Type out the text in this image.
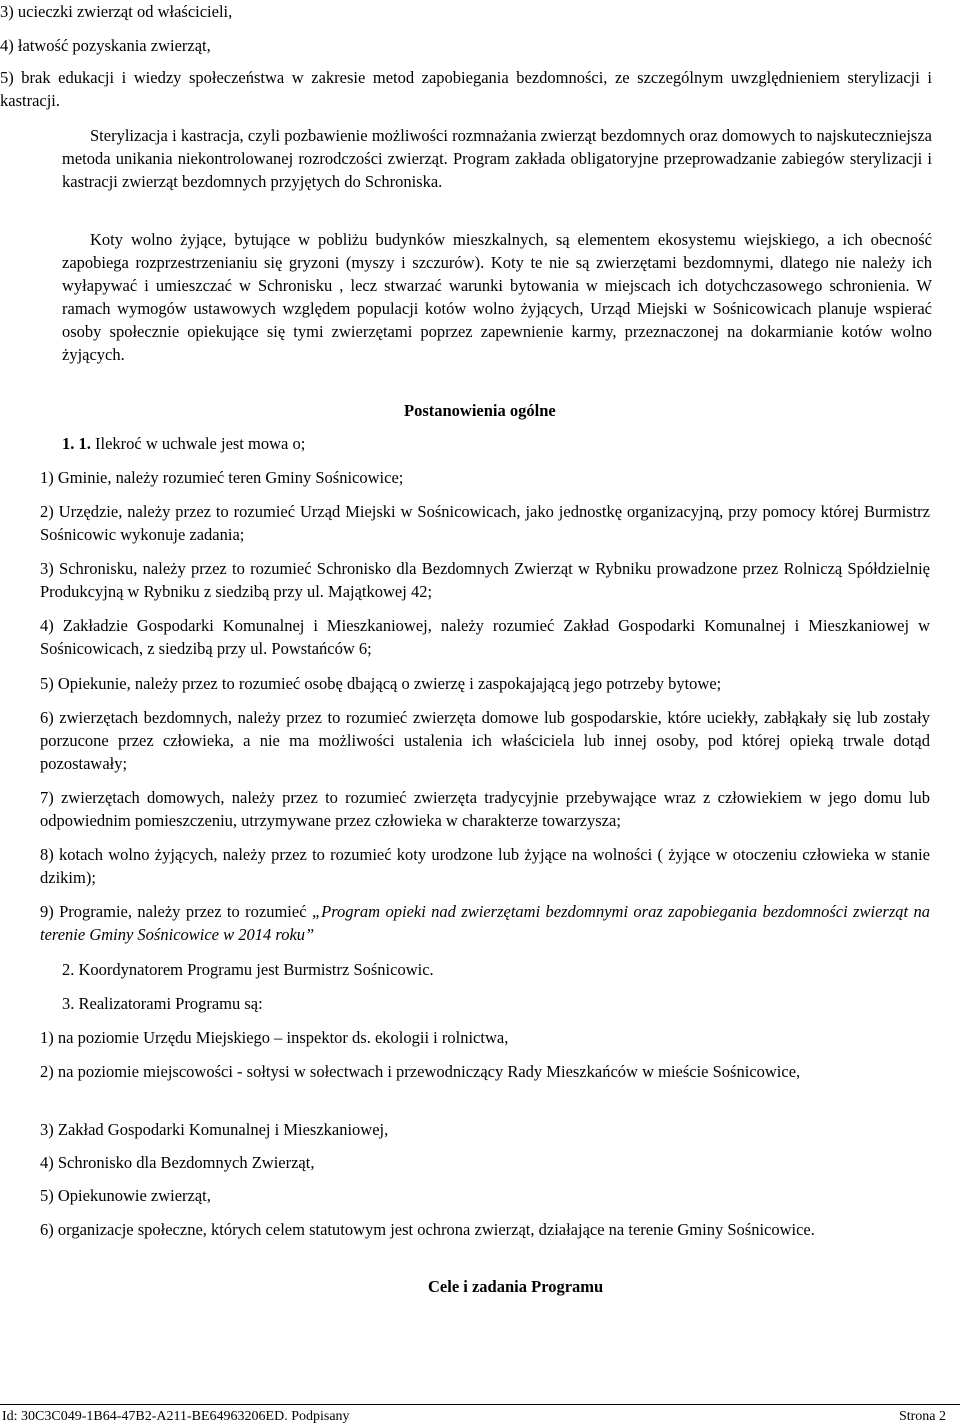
3) ucieczki zwierząt od właścicieli,

4) łatwość pozyskania zwierząt,

5) brak edukacji i wiedzy społeczeństwa w zakresie metod zapobiegania bezdomności, ze szczególnym uwzględnieniem sterylizacji i kastracji.

Sterylizacja i kastracja, czyli pozbawienie możliwości rozmnażania zwierząt bezdomnych oraz domowych to najskuteczniejsza metoda unikania niekontrolowanej rozrodczości zwierząt. Program zakłada obligatoryjne przeprowadzanie zabiegów sterylizacji i kastracji zwierząt bezdomnych przyjętych do Schroniska.

Koty wolno żyjące, bytujące w pobliżu budynków mieszkalnych, są elementem ekosystemu wiejskiego, a ich obecność zapobiega rozprzestrzenianiu się gryzoni (myszy i szczurów). Koty te nie są zwierzętami bezdomnymi, dlatego nie należy ich wyłapywać i umieszczać w Schronisku , lecz stwarzać warunki bytowania w miejscach ich dotychczasowego schronienia. W ramach wymogów ustawowych względem populacji kotów wolno żyjących, Urząd Miejski w Sośnicowicach planuje wspierać osoby społecznie opiekujące się tymi zwierzętami poprzez zapewnienie karmy, przeznaczonej na dokarmianie kotów wolno żyjących.

Postanowienia ogólne

1. 1. Ilekroć w uchwale jest mowa o;

1) Gminie, należy rozumieć teren Gminy Sośnicowice;

2) Urzędzie, należy przez to rozumieć Urząd Miejski w Sośnicowicach, jako jednostkę organizacyjną, przy pomocy której Burmistrz Sośnicowic wykonuje zadania;

3) Schronisku, należy przez to rozumieć Schronisko dla Bezdomnych Zwierząt w Rybniku prowadzone przez Rolniczą Spółdzielnię Produkcyjną w Rybniku z siedzibą przy ul. Majątkowej 42;

4) Zakładzie Gospodarki Komunalnej i Mieszkaniowej, należy rozumieć Zakład Gospodarki Komunalnej i Mieszkaniowej w Sośnicowicach, z siedzibą przy ul. Powstańców 6;

5) Opiekunie, należy przez to rozumieć osobę dbającą o zwierzę i zaspokajającą jego potrzeby bytowe;

6) zwierzętach bezdomnych, należy przez to rozumieć zwierzęta domowe lub gospodarskie, które uciekły, zabłąkały się lub zostały porzucone przez człowieka, a nie ma możliwości ustalenia ich właściciela lub innej osoby, pod której opieką trwale dotąd pozostawały;

7) zwierzętach domowych, należy przez to rozumieć zwierzęta tradycyjnie przebywające wraz z człowiekiem w jego domu lub odpowiednim pomieszczeniu, utrzymywane przez człowieka w charakterze towarzysza;

8) kotach wolno żyjących, należy przez to rozumieć koty urodzone lub żyjące na wolności ( żyjące w otoczeniu człowieka w stanie dzikim);

9) Programie, należy przez to rozumieć „Program opieki nad zwierzętami bezdomnymi oraz zapobiegania bezdomności zwierząt na terenie Gminy Sośnicowice w 2014 roku”

2. Koordynatorem Programu jest Burmistrz Sośnicowic.

3. Realizatorami Programu są:

1) na poziomie Urzędu Miejskiego – inspektor ds. ekologii i rolnictwa,

2) na poziomie miejscowości - sołtysi w sołectwach i przewodniczący Rady Mieszkańców w mieście Sośnicowice,

3) Zakład Gospodarki Komunalnej i Mieszkaniowej,

4) Schronisko dla Bezdomnych Zwierząt,

5) Opiekunowie zwierząt,

6) organizacje społeczne, których celem statutowym jest ochrona zwierząt, działające na terenie Gminy Sośnicowice.

Cele i zadania Programu

Id: 30C3C049-1B64-47B2-A211-BE64963206ED. Podpisany	Strona 2
